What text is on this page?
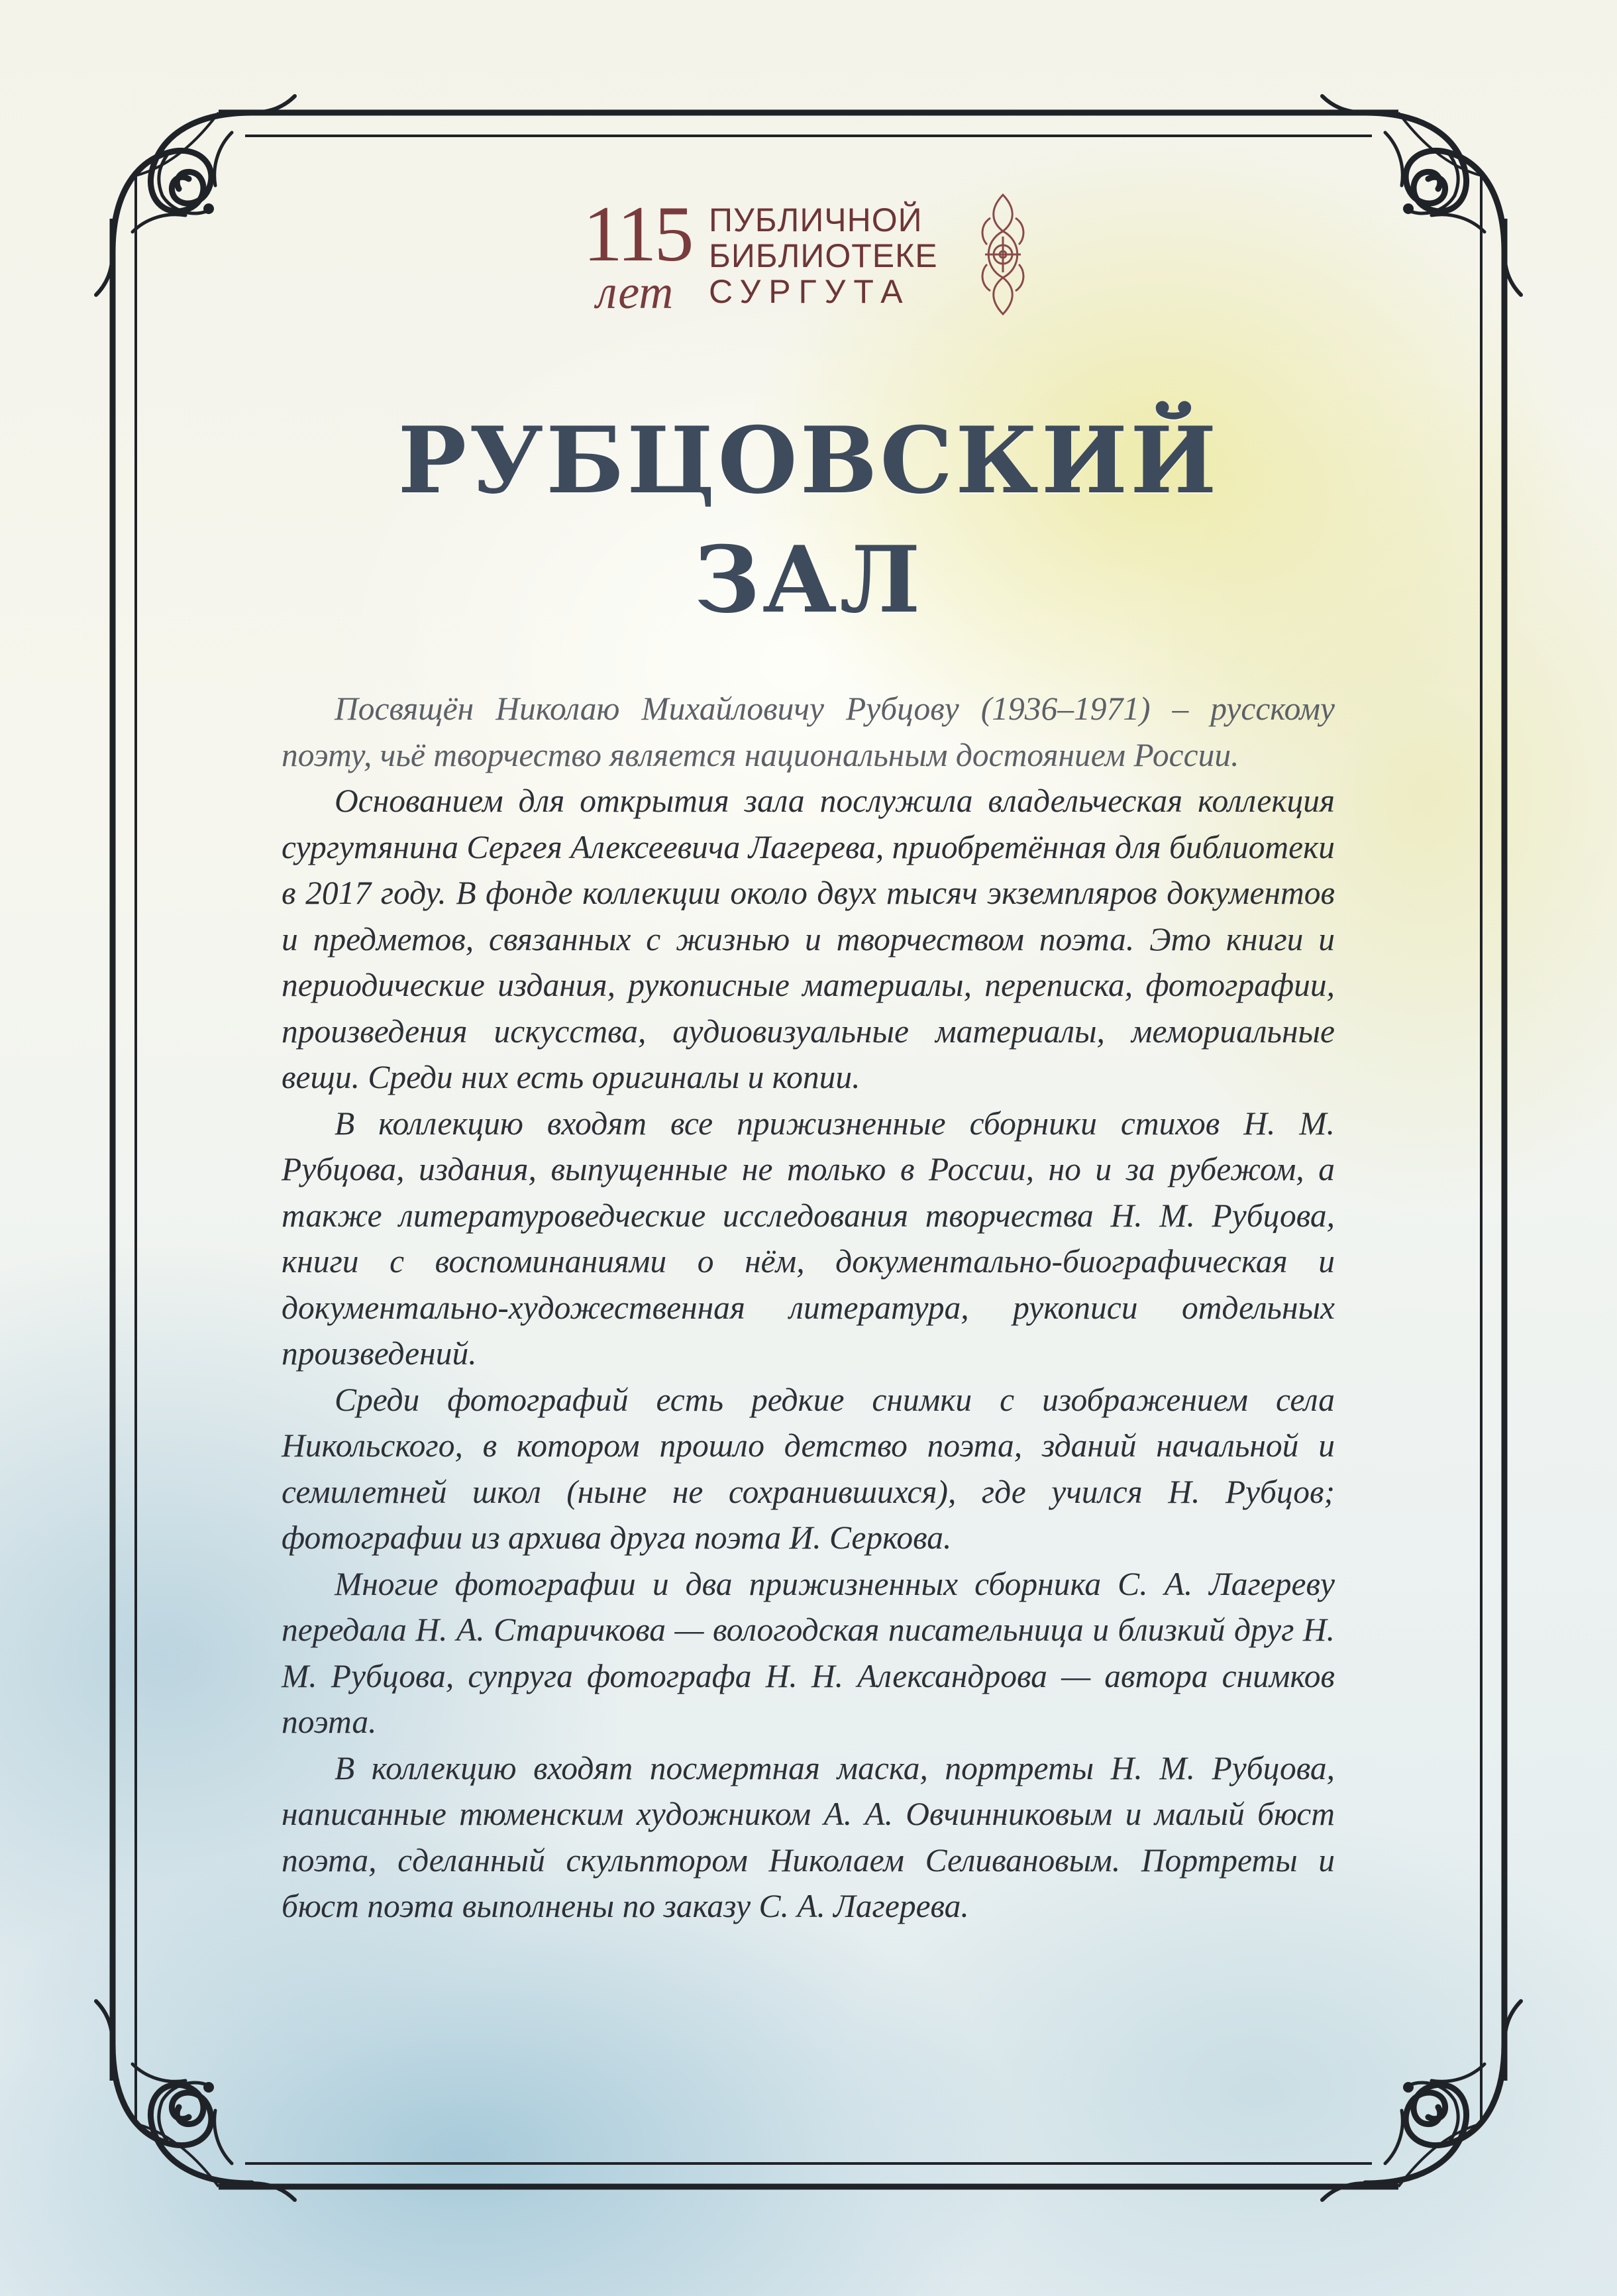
115
лет
ПУБЛИЧНОЙ
БИБЛИОТЕКЕ
СУРГУТА
РУБЦОВСКИЙ
ЗАЛ

Посвящён Николаю Михайловичу Рубцову (1936–1971) – русскому поэту, чьё творчество является национальным достоянием России.

Основанием для открытия зала послужила владельческая коллекция сургутянина Сергея Алексеевича Лагерева, приобретённая для библиотеки в 2017 году. В фонде коллекции около двух тысяч экземпляров документов и предметов, связанных с жизнью и творчеством поэта. Это книги и периодические издания, рукописные материалы, переписка, фотографии, произведения искусства, аудиовизуальные материалы, мемориальные вещи. Среди них есть оригиналы и копии.

В коллекцию входят все прижизненные сборники стихов Н. М. Рубцова, издания, выпущенные не только в России, но и за рубежом, а также литературоведческие исследования творчества Н. М. Рубцова, книги с воспоминаниями о нём, документально-биографическая и документально-художественная литература, рукописи отдельных произведений.

Среди фотографий есть редкие снимки с изображением села Никольского, в котором прошло детство поэта, зданий начальной и семилетней школ (ныне не сохранившихся), где учился Н. Рубцов; фотографии из архива друга поэта И. Серкова.

Многие фотографии и два прижизненных сборника С. А. Лагереву передала Н. А. Старичкова — вологодская писательница и близкий друг Н. М. Рубцова, супруга фотографа Н. Н. Александрова — автора снимков поэта.

В коллекцию входят посмертная маска, портреты Н. М. Рубцова, написанные тюменским художником А. А. Овчинниковым и малый бюст поэта, сделанный скульптором Николаем Селивановым. Портреты и бюст поэта выполнены по заказу С. А. Лагерева.
